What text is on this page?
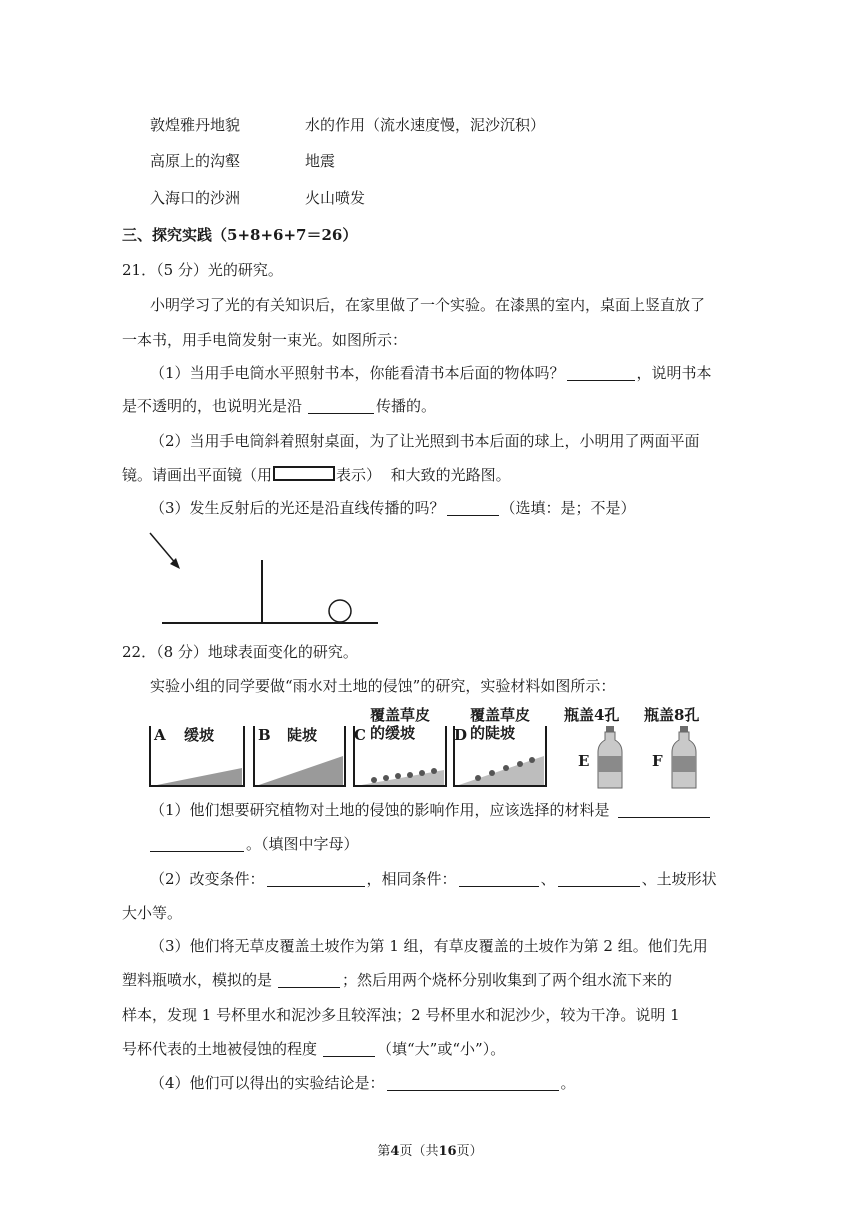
敦煌雅丹地貌	水的作用（流水速度慢，泥沙沉积）
高原上的沟壑	地震
入海口的沙洲	火山喷发
三、探究实践（5+8+6+7＝26）
21．（5 分）光的研究。
小明学习了光的有关知识后，在家里做了一个实验。在漆黑的室内，桌面上竖直放了
一本书，用手电筒发射一束光。如图所示：
（1）当用手电筒水平照射书本，你能看清书本后面的物体吗？	，说明书本
是不透明的，也说明光是沿	传播的。
（2）当用手电筒斜着照射桌面，为了让光照到书本后面的球上，小明用了两面平面
镜。请画出平面镜（用	表示） 和大致的光路图。
（3）发生反射后的光还是沿直线传播的吗？	（选填：是；不是）
22．（8 分）地球表面变化的研究。
实验小组的同学要做“雨水对土地的侵蚀”的研究，实验材料如图所示：
A 缓坡	B 陡坡 C
覆盖草皮
的缓坡	D
覆盖草皮
的陡坡
瓶盖4孔
E
瓶盖8孔
F
（1）他们想要研究植物对土地的侵蚀的影响作用，应该选择的材料是
。（填图中字母）
（2）改变条件：	，相同条件：	、	、土坡形状
大小等。
（3）他们将无草皮覆盖土坡作为第 1 组，有草皮覆盖的土坡作为第 2 组。他们先用
塑料瓶喷水，模拟的是	；然后用两个烧杯分别收集到了两个组水流下来的
样本，发现 1 号杯里水和泥沙多且较浑浊；2 号杯里水和泥沙少，较为干净。说明 1
号杯代表的土地被侵蚀的程度	（填“大”或“小”）。
（4）他们可以得出的实验结论是：	。
第4页（共16页）
